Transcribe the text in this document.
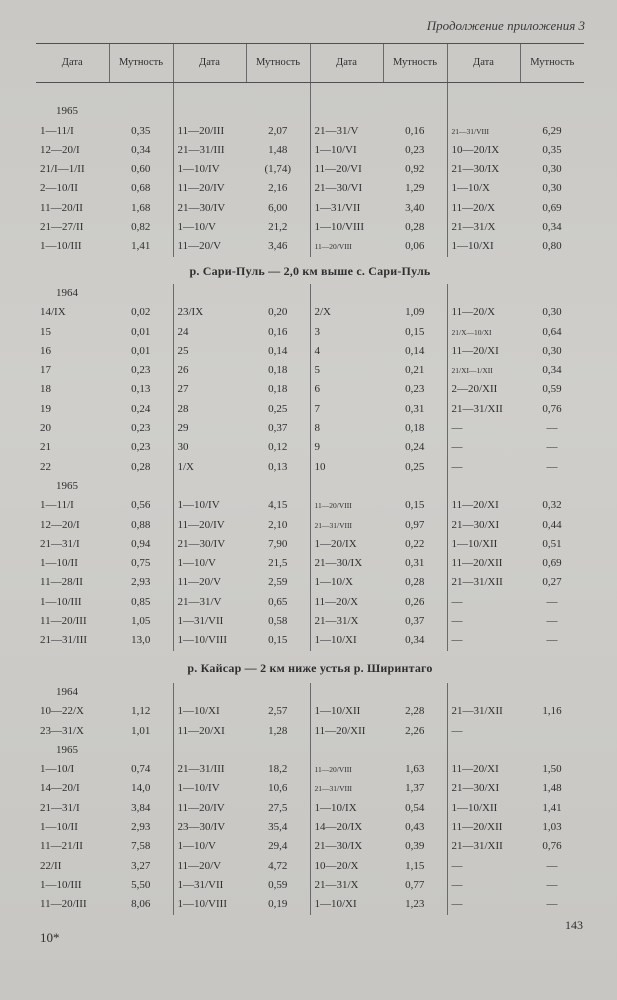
Продолжение приложения 3
Дата	Мутность	Дата	Мутность	Дата	Мутность	Дата	Мутность

1965							
1—11/I	0,35	11—20/III	2,07	21—31/V	0,16	21—31/VIII	6,29
12—20/I	0,34	21—31/III	1,48	1—10/VI	0,23	10—20/IX	0,35
21/I—1/II	0,60	1—10/IV	(1,74)	11—20/VI	0,92	21—30/IX	0,30
2—10/II	0,68	11—20/IV	2,16	21—30/VI	1,29	1—10/X	0,30
11—20/II	1,68	21—30/IV	6,00	1—31/VII	3,40	11—20/X	0,69
21—27/II	0,82	1—10/V	21,2	1—10/VIII	0,28	21—31/X	0,34
1—10/III	1,41	11—20/V	3,46	11—20/VIII	0,06	1—10/XI	0,80
р. Сари-Пуль — 2,0 км выше с. Сари-Пуль
1964							
14/IX	0,02	23/IX	0,20	2/X	1,09	11—20/X	0,30
15	0,01	24	0,16	3	0,15	21/X—10/XI	0,64
16	0,01	25	0,14	4	0,14	11—20/XI	0,30
17	0,23	26	0,18	5	0,21	21/XI—1/XII	0,34
18	0,13	27	0,18	6	0,23	2—20/XII	0,59
19	0,24	28	0,25	7	0,31	21—31/XII	0,76
20	0,23	29	0,37	8	0,18	—	—
21	0,23	30	0,12	9	0,24	—	—
22	0,28	1/X	0,13	10	0,25	—	—
1965							
1—11/I	0,56	1—10/IV	4,15	11—20/VIII	0,15	11—20/XI	0,32
12—20/I	0,88	11—20/IV	2,10	21—31/VIII	0,97	21—30/XI	0,44
21—31/I	0,94	21—30/IV	7,90	1—20/IX	0,22	1—10/XII	0,51
1—10/II	0,75	1—10/V	21,5	21—30/IX	0,31	11—20/XII	0,69
11—28/II	2,93	11—20/V	2,59	1—10/X	0,28	21—31/XII	0,27
1—10/III	0,85	21—31/V	0,65	11—20/X	0,26	—	—
11—20/III	1,05	1—31/VII	0,58	21—31/X	0,37	—	—
21—31/III	13,0	1—10/VIII	0,15	1—10/XI	0,34	—	—
р. Кайсар — 2 км ниже устья р. Ширинтаго
1964							
10—22/X	1,12	1—10/XI	2,57	1—10/XII	2,28	21—31/XII	1,16
23—31/X	1,01	11—20/XI	1,28	11—20/XII	2,26	—	
1965							
1—10/I	0,74	21—31/III	18,2	11—20/VIII	1,63	11—20/XI	1,50
14—20/I	14,0	1—10/IV	10,6	21—31/VIII	1,37	21—30/XI	1,48
21—31/I	3,84	11—20/IV	27,5	1—10/IX	0,54	1—10/XII	1,41
1—10/II	2,93	23—30/IV	35,4	14—20/IX	0,43	11—20/XII	1,03
11—21/II	7,58	1—10/V	29,4	21—30/IX	0,39	21—31/XII	0,76
22/II	3,27	11—20/V	4,72	10—20/X	1,15	—	—
1—10/III	5,50	1—31/VII	0,59	21—31/X	0,77	—	—
11—20/III	8,06	1—10/VIII	0,19	1—10/XI	1,23	—	—
10*
143
